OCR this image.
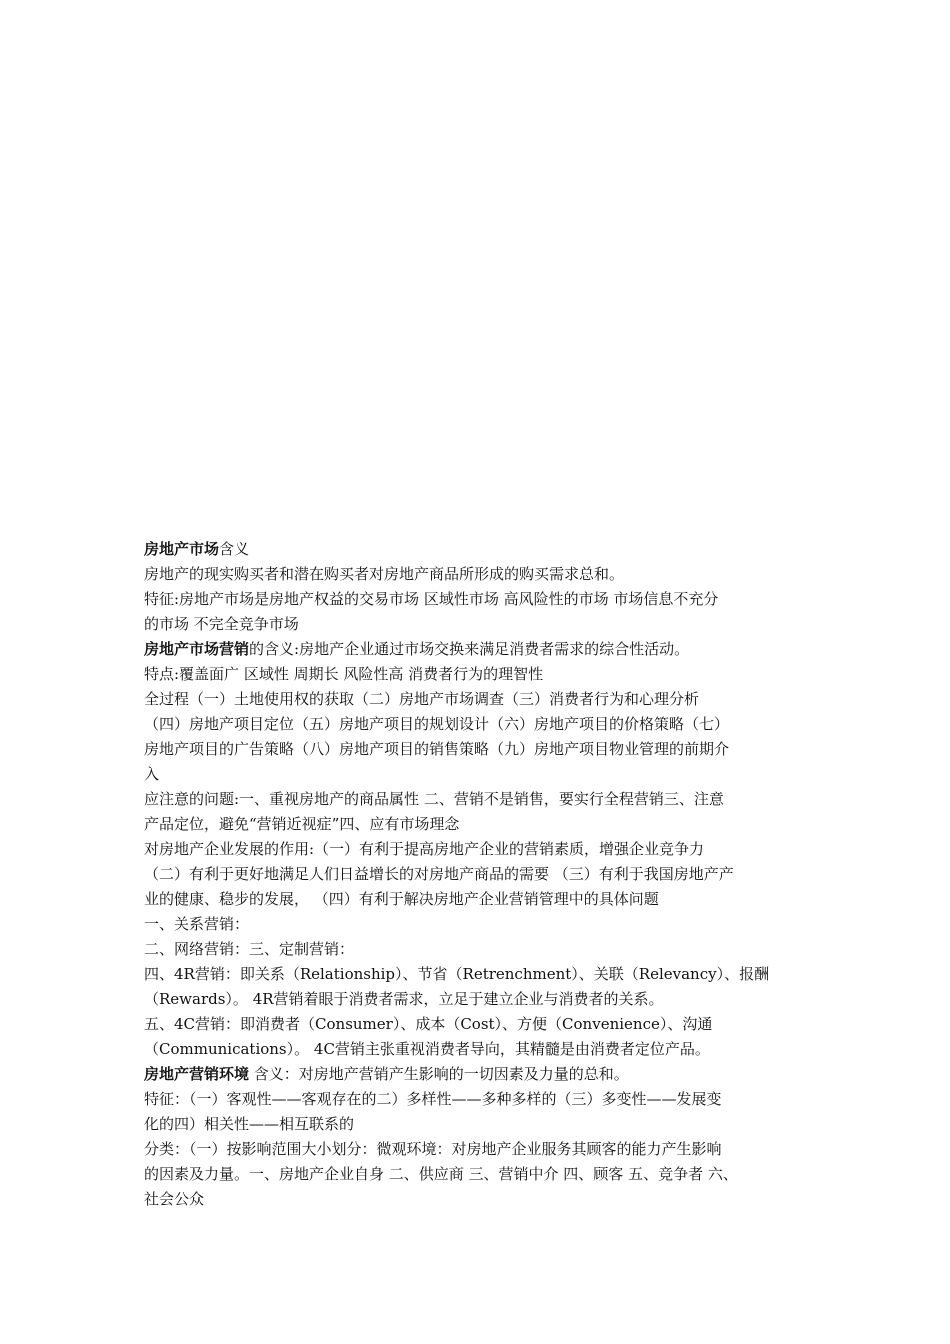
房地产市场含义
房地产的现实购买者和潜在购买者对房地产商品所形成的购买需求总和。
特征:房地产市场是房地产权益的交易市场 区域性市场 高风险性的市场 市场信息不充分
的市场 不完全竞争市场
房地产市场营销的含义:房地产企业通过市场交换来满足消费者需求的综合性活动。
特点:覆盖面广 区域性 周期长 风险性高 消费者行为的理智性
全过程（一）土地使用权的获取（二）房地产市场调查（三）消费者行为和心理分析
（四）房地产项目定位（五）房地产项目的规划设计（六）房地产项目的价格策略（七）
房地产项目的广告策略（八）房地产项目的销售策略（九）房地产项目物业管理的前期介
入
应注意的问题:一、重视房地产的商品属性 二、营销不是销售，要实行全程营销三、注意
产品定位，避免“营销近视症”四、应有市场理念
对房地产企业发展的作用:（一）有利于提高房地产企业的营销素质，增强企业竞争力
（二）有利于更好地满足人们日益增长的对房地产商品的需要 （三）有利于我国房地产产
业的健康、稳步的发展， （四）有利于解决房地产企业营销管理中的具体问题
一、关系营销：
二、网络营销：三、定制营销：
四、4R营销：即关系（Relationship）、节省（Retrenchment）、关联（Relevancy）、报酬
（Rewards）。 4R营销着眼于消费者需求，立足于建立企业与消费者的关系。
五、4C营销：即消费者（Consumer）、成本（Cost）、方便（Convenience）、沟通
（Communications）。 4C营销主张重视消费者导向，其精髓是由消费者定位产品。
房地产营销环境 含义：对房地产营销产生影响的一切因素及力量的总和。
特征：（一）客观性——客观存在的二）多样性——多种多样的（三）多变性——发展变
化的四）相关性——相互联系的
分类：（一）按影响范围大小划分：微观环境：对房地产企业服务其顾客的能力产生影响
的因素及力量。一、房地产企业自身 二、供应商 三、营销中介 四、顾客 五、竞争者 六、
社会公众
